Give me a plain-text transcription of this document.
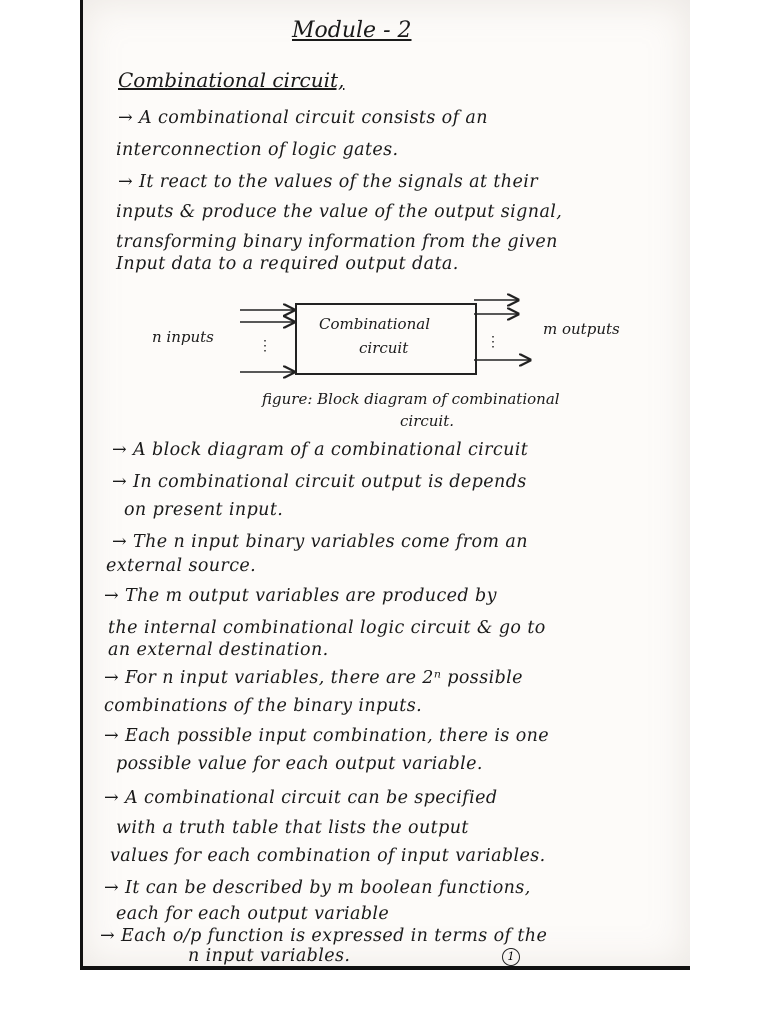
Module - 2
Combinational circuit,
→ A combinational circuit consists of an
interconnection of logic gates.
→ It react to the values of the signals at their
inputs & produce the value of the output signal,
transforming binary information from the given
Input data to a required output data.
Combinational
circuit
n inputs	m outputs
⋮	⋮
figure: Block diagram of combinational
circuit.
→ A block diagram of a combinational circuit
→ In combinational circuit output is depends
on present input.
→ The n input binary variables come from an
external source.
→ The m output variables are produced by
the internal combinational logic circuit & go to
an external destination.
→ For n input variables, there are 2ⁿ possible
combinations of the binary inputs.
→ Each possible input combination, there is one
possible value for each output variable.
→ A combinational circuit can be specified
with a truth table that lists the output
values for each combination of input variables.
→ It can be described by m boolean functions,
each for each output variable
→ Each o/p function is expressed in terms of the
n input variables.	1
